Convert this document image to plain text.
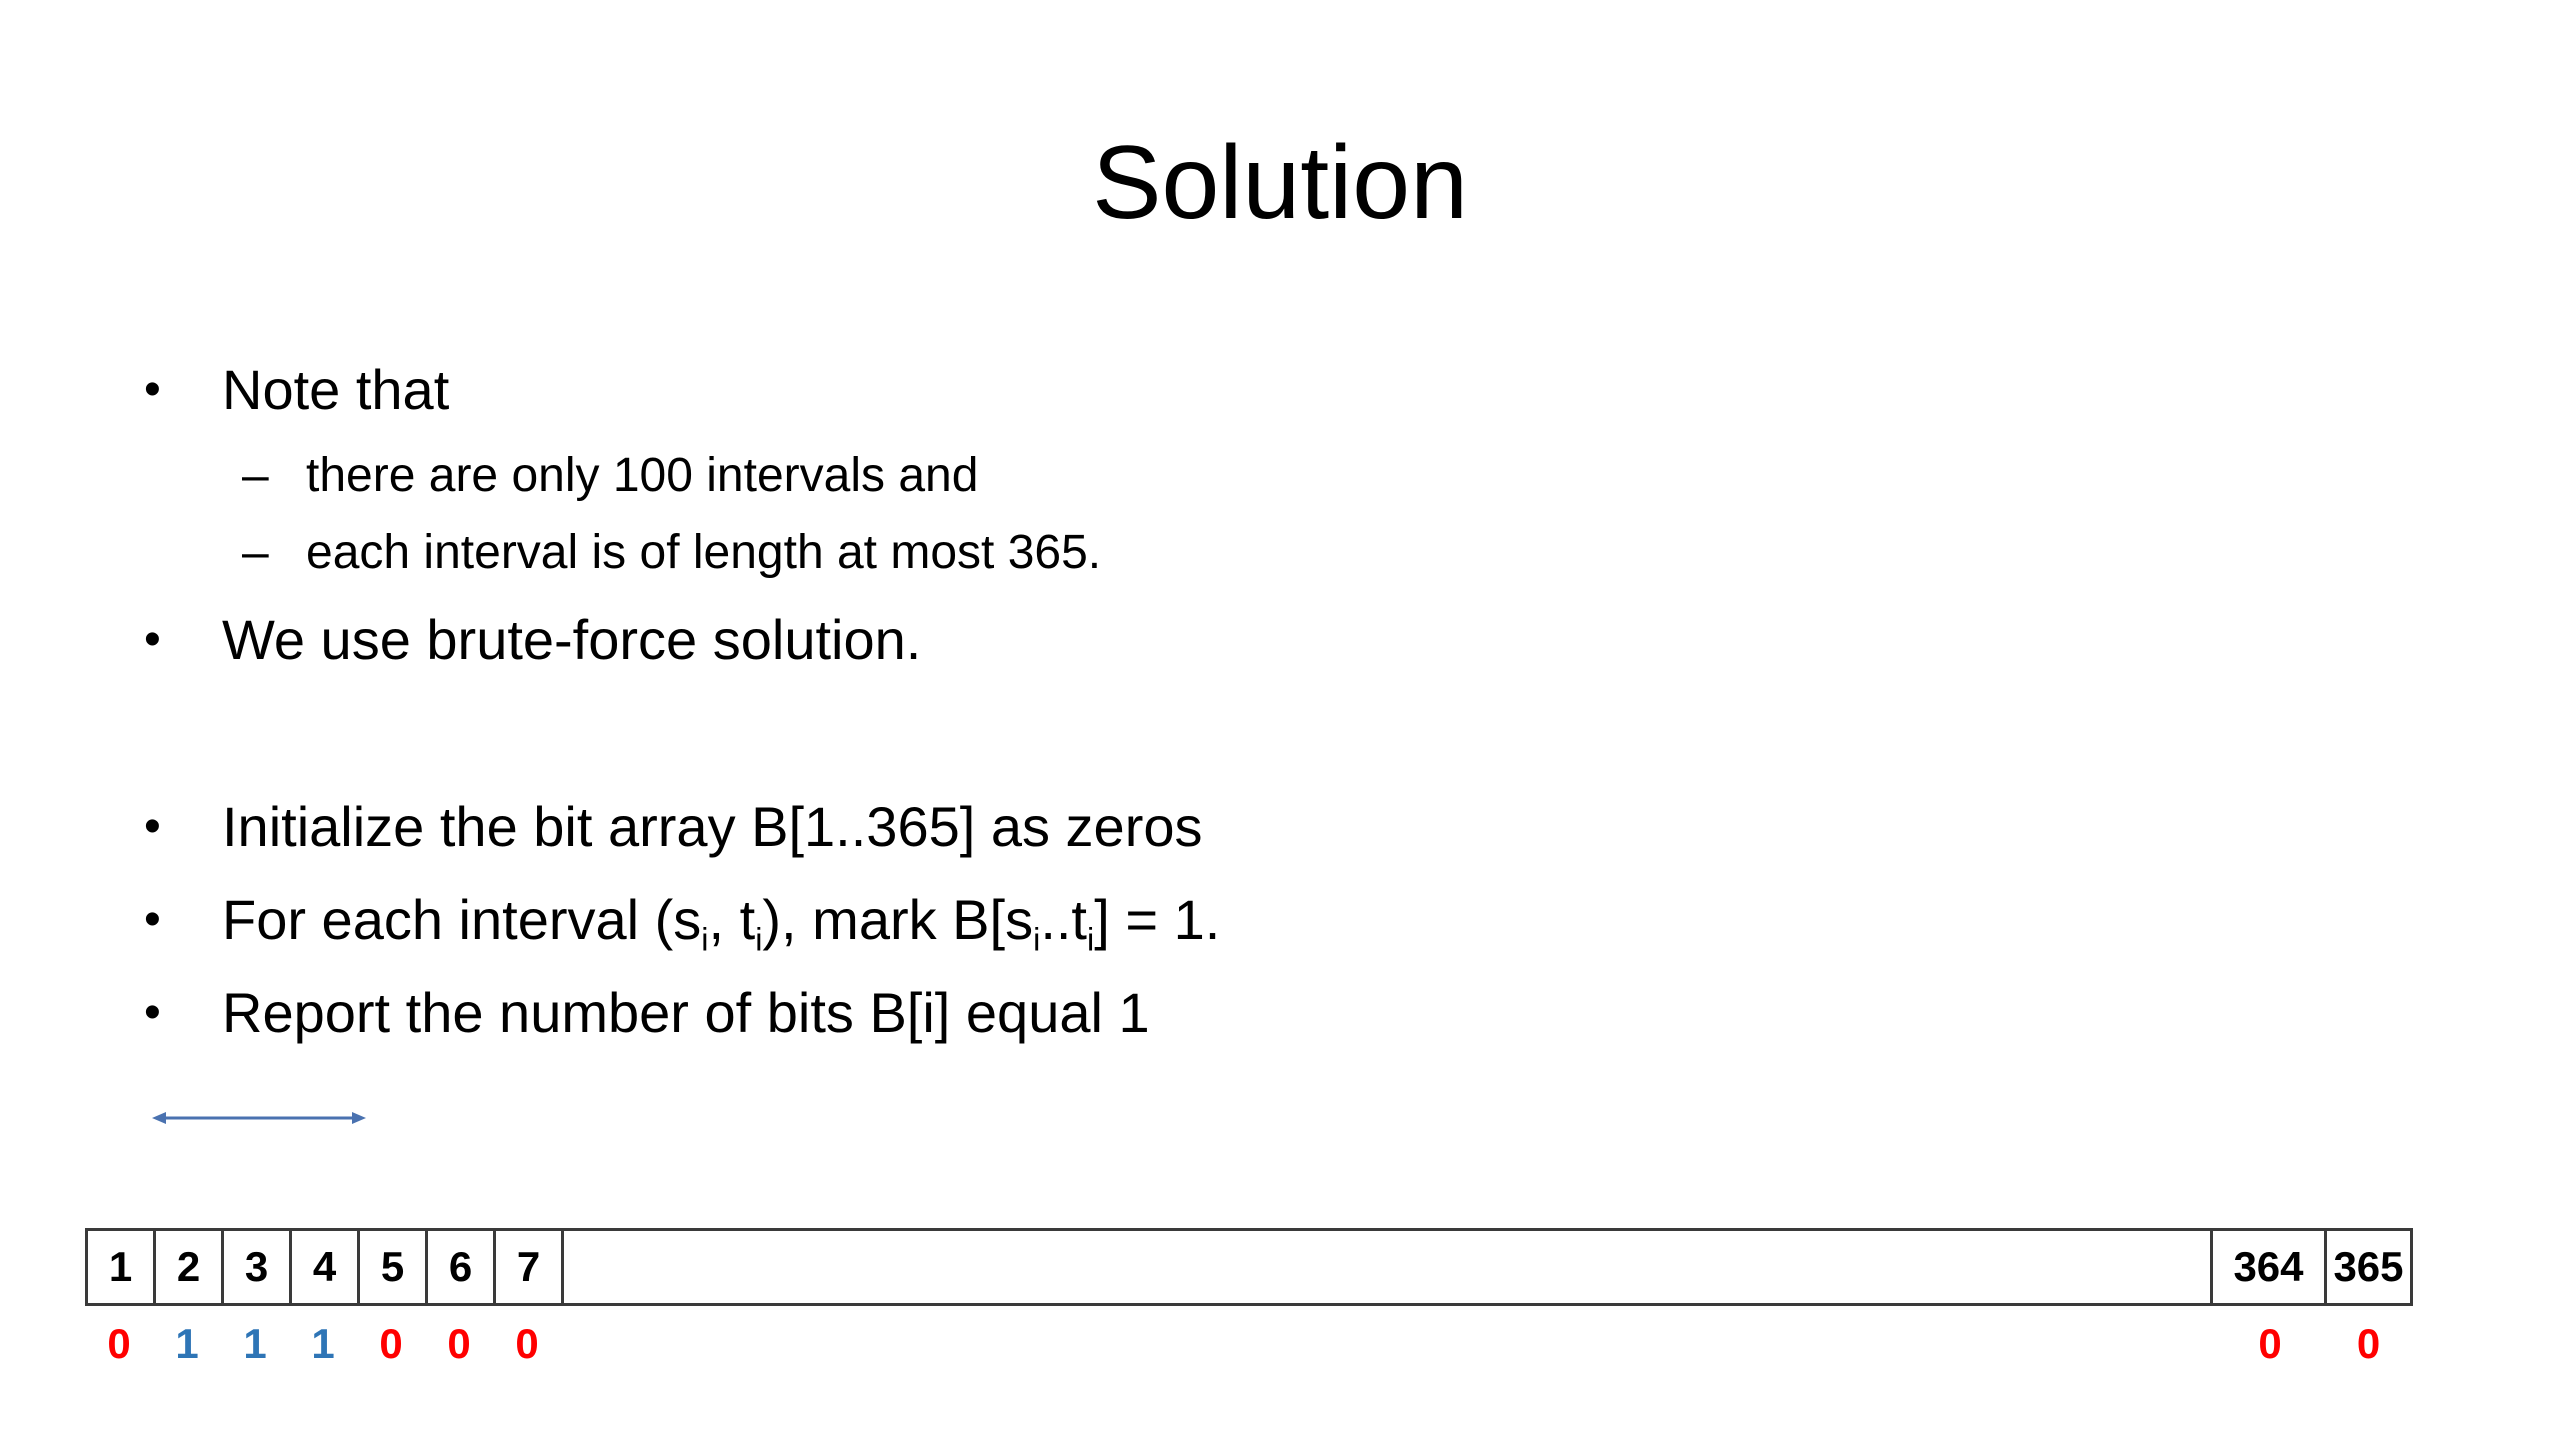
Solution
•	Note that
– there are only 100 intervals and
– each interval is of length at most 365.
•	We use brute-force solution.
•	Initialize the bit array B[1..365] as zeros
•	For each interval ($s_i$, $t_i$), mark $B[s_i..t_i] = 1$.
•	Report the number of bits B[i] equal 1
1	2	3	4	5	6	7	364 365
0	1	1	1	0	0	0	0	0
